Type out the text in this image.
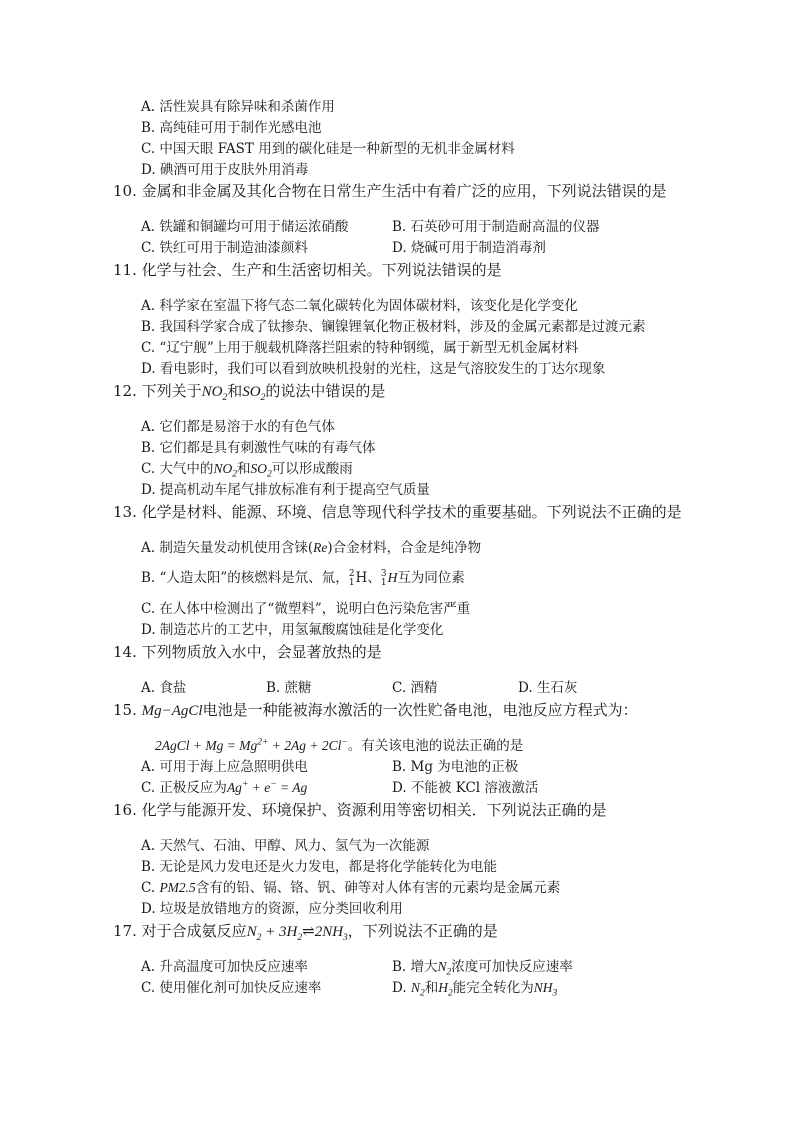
A. 活性炭具有除异味和杀菌作用
B. 高纯硅可用于制作光感电池
C. 中国天眼 FAST 用到的碳化硅是一种新型的无机非金属材料
D. 碘酒可用于皮肤外用消毒
10. 金属和非金属及其化合物在日常生产生活中有着广泛的应用，下列说法错误的是
A. 铁罐和铜罐均可用于储运浓硝酸	B. 石英砂可用于制造耐高温的仪器
C. 铁红可用于制造油漆颜料	D. 烧碱可用于制造消毒剂
11. 化学与社会、生产和生活密切相关。下列说法错误的是
A. 科学家在室温下将气态二氧化碳转化为固体碳材料，该变化是化学变化
B. 我国科学家合成了钛掺杂、镧镍锂氧化物正极材料，涉及的金属元素都是过渡元素
C. “辽宁舰”上用于舰载机降落拦阻索的特种钢缆，属于新型无机金属材料
D. 看电影时，我们可以看到放映机投射的光柱，这是气溶胶发生的丁达尔现象
12. 下列关于$NO_2$和$SO_2$的说法中错误的是
A. 它们都是易溶于水的有色气体
B. 它们都是具有刺激性气味的有毒气体
C. 大气中的$NO_2$和$SO_2$可以形成酸雨
D. 提高机动车尾气排放标准有利于提高空气质量
13. 化学是材料、能源、环境、信息等现代科学技术的重要基础。下列说法不正确的是
A. 制造矢量发动机使用含铼(Re)合金材料，合金是纯净物
B. “人造太阳”的核燃料是氘、氚，2
1H、3
1H互为同位素
C. 在人体中检测出了“微塑料”，说明白色污染危害严重
D. 制造芯片的工艺中，用氢氟酸腐蚀硅是化学变化
14. 下列物质放入水中，会显著放热的是
A. 食盐	B. 蔗糖	C. 酒精	D. 生石灰
15. Mg−AgCl电池是一种能被海水激活的一次性贮备电池，电池反应方程式为：
2AgCl + $Mg = Mg^{2+} + 2Ag + 2Cl^-$。有关该电池的说法正确的是
A. 可用于海上应急照明供电	B. Mg 为电池的正极
C. 正极反应为Ag+ + e− = Ag	D. 不能被 KCl 溶液激活
16. 化学与能源开发、环境保护、资源利用等密切相关．下列说法正确的是
A. 天然气、石油、甲醇、风力、氢气为一次能源
B. 无论是风力发电还是火力发电，都是将化学能转化为电能
C. PM2.5含有的铅、镉、铬、钒、砷等对人体有害的元素均是金属元素
D. 垃圾是放错地方的资源，应分类回收利用
17. 对于合成氨反应$N_2$ + $3H_2\rightleftharpoons 2NH_3$，下列说法不正确的是
A. 升高温度可加快反应速率	B. 增大$N_2$浓度可加快反应速率
C. 使用催化剂可加快反应速率	D. $N_2$和$H_2$能完全转化为$NH_3$
